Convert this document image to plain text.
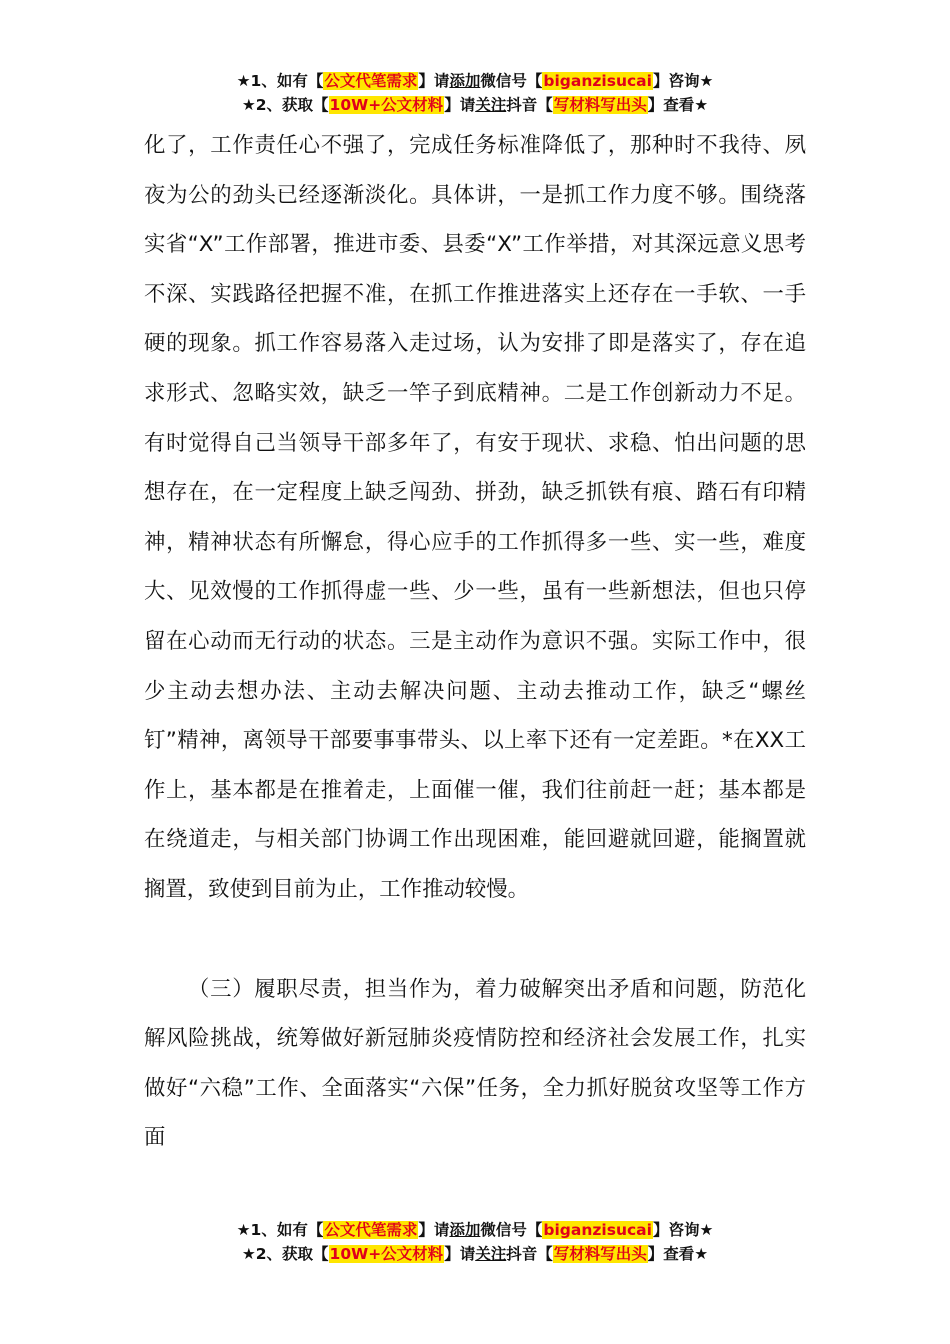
★1、如有【公文代笔需求】请添加微信号【biganzisucai】咨询★
★2、获取【10W+公文材料】请关注抖音【写材料写出头】查看★

化了，工作责任心不强了，完成任务标准降低了，那种时不我待、夙夜为公的劲头已经逐渐淡化。具体讲，一是抓工作力度不够。围绕落实省“X”工作部署，推进市委、县委“X”工作举措，对其深远意义思考不深、实践路径把握不准，在抓工作推进落实上还存在一手软、一手硬的现象。抓工作容易落入走过场，认为安排了即是落实了，存在追求形式、忽略实效，缺乏一竿子到底精神。二是工作创新动力不足。有时觉得自己当领导干部多年了，有安于现状、求稳、怕出问题的思想存在，在一定程度上缺乏闯劲、拼劲，缺乏抓铁有痕、踏石有印精神，精神状态有所懈怠，得心应手的工作抓得多一些、实一些，难度大、见效慢的工作抓得虚一些、少一些，虽有一些新想法，但也只停留在心动而无行动的状态。三是主动作为意识不强。实际工作中，很少主动去想办法、主动去解决问题、主动去推动工作，缺乏“螺丝钉”精神，离领导干部要事事带头、以上率下还有一定差距。*在XX工作上，基本都是在推着走，上面催一催，我们往前赶一赶；基本都是在绕道走，与相关部门协调工作出现困难，能回避就回避，能搁置就搁置，致使到目前为止，工作推动较慢。

（三）履职尽责，担当作为，着力破解突出矛盾和问题，防范化解风险挑战，统筹做好新冠肺炎疫情防控和经济社会发展工作，扎实做好“六稳”工作、全面落实“六保”任务，全力抓好脱贫攻坚等工作方面

★1、如有【公文代笔需求】请添加微信号【biganzisucai】咨询★
★2、获取【10W+公文材料】请关注抖音【写材料写出头】查看★
